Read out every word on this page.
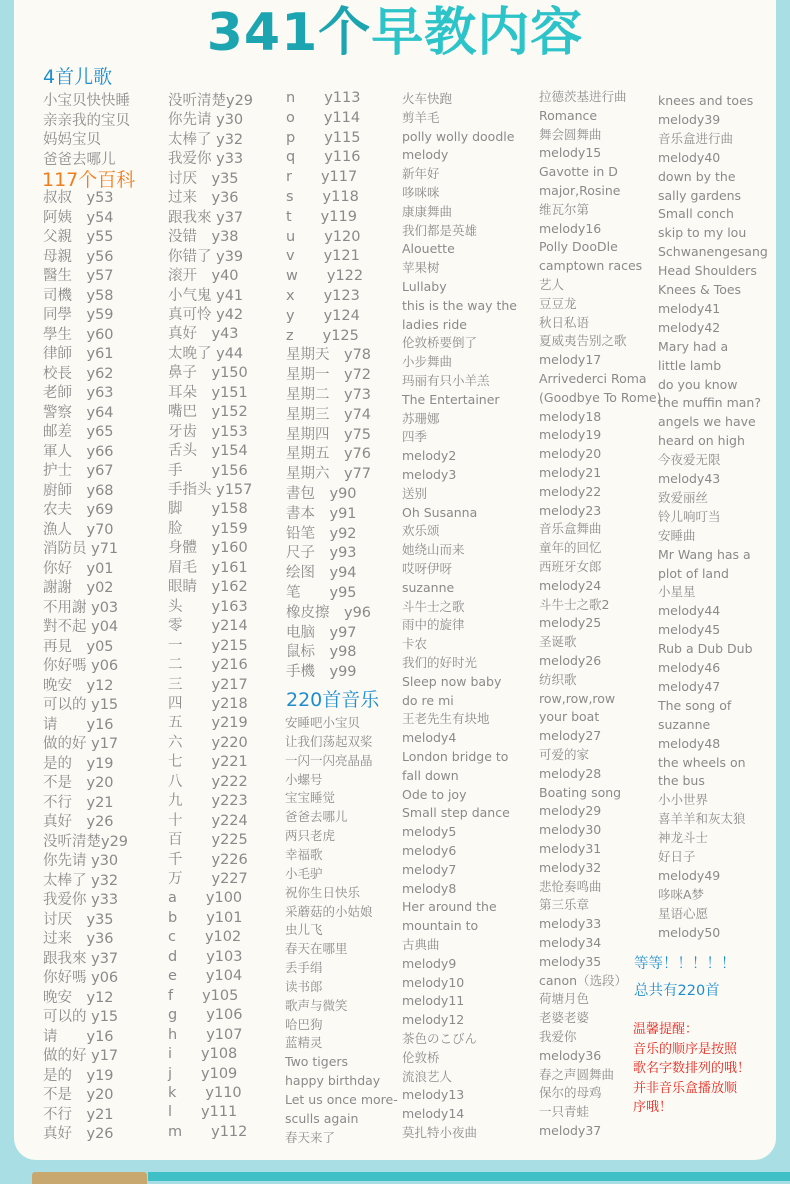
341个早教内容
4首儿歌
小宝贝快快睡
亲亲我的宝贝
妈妈宝贝
爸爸去哪儿
117个百科
叔叔　y53
阿姨　y54
父親　y55
母親　y56
醫生　y57
司機　y58
同學　y59
學生　y60
律師　y61
校長　y62
老師　y63
警察　y64
邮差　y65
軍人　y66
护士　y67
廚師　y68
农夫　y69
漁人　y70
消防员 y71
你好　y01
謝謝　y02
不用謝 y03
對不起 y04
再見　y05
你好嗎 y06
晚安　y12
可以的 y15
请　　y16
做的好 y17
是的　y19
不是　y20
不行　y21
真好　y26
没听清楚y29
你先请 y30
太棒了 y32
我爱你 y33
讨厌　y35
过来　y36
跟我來 y37
你好嗎 y06
晚安　y12
可以的 y15
请　　y16
做的好 y17
是的　y19
不是　y20
不行　y21
真好　y26
没听清楚y29
你先请 y30
太棒了 y32
我爱你 y33
讨厌　y35
过来　y36
跟我來 y37
没错　y38
你错了 y39
滚开　y40
小气鬼 y41
真可怜 y42
真好　y43
太晚了 y44
鼻子　y150
耳朵　y151
嘴巴　y152
牙齿　y153
舌头　y154
手　　y156
手指头 y157
脚　　y158
脸　　y159
身體　y160
眉毛　y161
眼睛　y162
头　　y163
零　　y214
一　　y215
二　　y216
三　　y217
四　　y218
五　　y219
六　　y220
七　　y221
八　　y222
九　　y223
十　　y224
百　　y225
千　　y226
万　　y227
a　　y100
b　　y101
c　　y102
d　　y103
e　　y104
f　　y105
g　　y106
h　　y107
i　　y108
j　　y109
k　　y110
l　　y111
m　　y112
n　　y113
o　　y114
p　　y115
q　　y116
r　　y117
s　　y118
t　　y119
u　　y120
v　　y121
w　　y122
x　　y123
y　　y124
z　　y125
星期天　y78
星期一　y72
星期二　y73
星期三　y74
星期四　y75
星期五　y76
星期六　y77
書包　y90
書本　y91
铅笔　y92
尺子　y93
绘图　y94
笔　　y95
橡皮擦　y96
电脑　y97
鼠标　y98
手機　y99
220首音乐
安睡吧小宝贝
让我们荡起双桨
一闪一闪亮晶晶
小螺号
宝宝睡觉
爸爸去哪儿
两只老虎
幸福歌
小毛驴
祝你生日快乐
采蘑菇的小姑娘
虫儿飞
春天在哪里
丢手绢
读书郎
歌声与微笑
哈巴狗
蓝精灵
Two tigers
happy birthday
Let us once more-
sculls again
春天来了
火车快跑
剪羊毛
polly wolly doodle
melody
新年好
哆咪咪
康康舞曲
我们都是英雄
Alouette
苹果树
Lullaby
this is the way the
ladies ride
伦敦桥要倒了
小步舞曲
玛丽有只小羊羔
The Entertainer
苏珊娜
四季
melody2
melody3
送别
Oh Susanna
欢乐颂
她绕山而来
哎呀伊呀
suzanne
斗牛士之歌
雨中的旋律
卡农
我们的好时光
Sleep now baby
do re mi
王老先生有块地
melody4
London bridge to
fall down
Ode to joy
Small step dance
melody5
melody6
melody7
melody8
Her around the
mountain to
古典曲
melody9
melody10
melody11
melody12
茶色のこびん
伦敦桥
流浪艺人
melody13
melody14
莫扎特小夜曲
拉德茨基进行曲
Romance
舞会圆舞曲
melody15
Gavotte in D
major,Rosine
维瓦尔第
melody16
Polly DooDle
camptown races
艺人
豆豆龙
秋日私语
夏威夷告别之歌
melody17
Arrivederci Roma
(Goodbye To Rome)
melody18
melody19
melody20
melody21
melody22
melody23
音乐盒舞曲
童年的回忆
西班牙女郎
melody24
斗牛士之歌2
melody25
圣诞歌
melody26
纺织歌
row,row,row
your boat
melody27
可爱的家
melody28
Boating song
melody29
melody30
melody31
melody32
悲怆奏鸣曲
第三乐章
melody33
melody34
melody35
canon（选段）
荷塘月色
老婆老婆
我爱你
melody36
春之声圆舞曲
保尔的母鸡
一只青蛙
melody37
knees and toes
melody39
音乐盒进行曲
melody40
down by the
sally gardens
Small conch
skip to my lou
Schwanengesang
Head Shoulders
Knees & Toes
melody41
melody42
Mary had a
little lamb
do you know
the muffin man?
angels we have
heard on high
今夜爱无限
melody43
致爱丽丝
铃儿响叮当
安睡曲
Mr Wang has a
plot of land
小星星
melody44
melody45
Rub a Dub Dub
melody46
melody47
The song of
suzanne
melody48
the wheels on
the bus
小小世界
喜羊羊和灰太狼
神龙斗士
好日子
melody49
哆咪A梦
星语心愿
melody50
等等！！！！！
总共有220首
温馨提醒：
音乐的顺序是按照
歌名字数排列的哦！
并非音乐盒播放顺
序哦！
